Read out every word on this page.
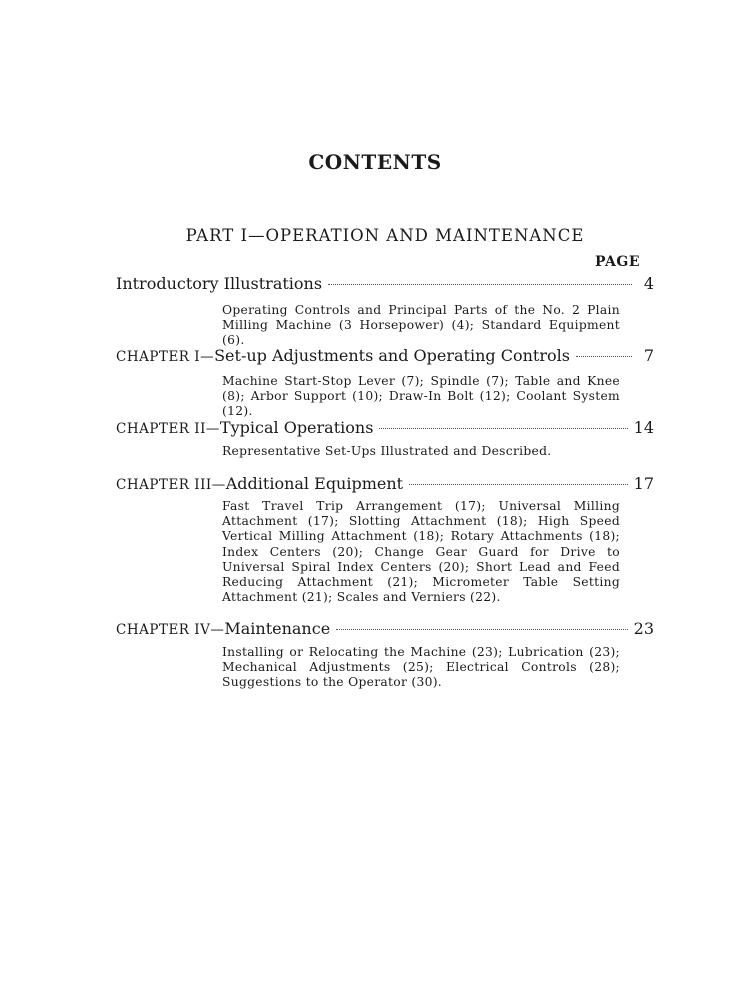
CONTENTS
PART I—OPERATION AND MAINTENANCE
PAGE
Introductory Illustrations	4
Operating Controls and Principal Parts of the No. 2 Plain Milling Machine (3 Horsepower) (4); Standard Equipment (6).
CHAPTER I—Set-up Adjustments and Operating Controls	7
Machine Start-Stop Lever (7); Spindle (7); Table and Knee (8); Arbor Support (10); Draw-In Bolt (12); Coolant System (12).
CHAPTER II—Typical Operations	14
Representative Set-Ups Illustrated and Described.
CHAPTER III—Additional Equipment	17
Fast Travel Trip Arrangement (17); Universal Milling Attachment (17); Slotting Attachment (18); High Speed Vertical Milling Attachment (18); Rotary Attachments (18); Index Centers (20); Change Gear Guard for Drive to Universal Spiral Index Centers (20); Short Lead and Feed Reducing Attachment (21); Micrometer Table Setting Attachment (21); Scales and Verniers (22).
CHAPTER IV—Maintenance	23
Installing or Relocating the Machine (23); Lubrication (23); Mechanical Adjustments (25); Electrical Controls (28); Suggestions to the Operator (30).
